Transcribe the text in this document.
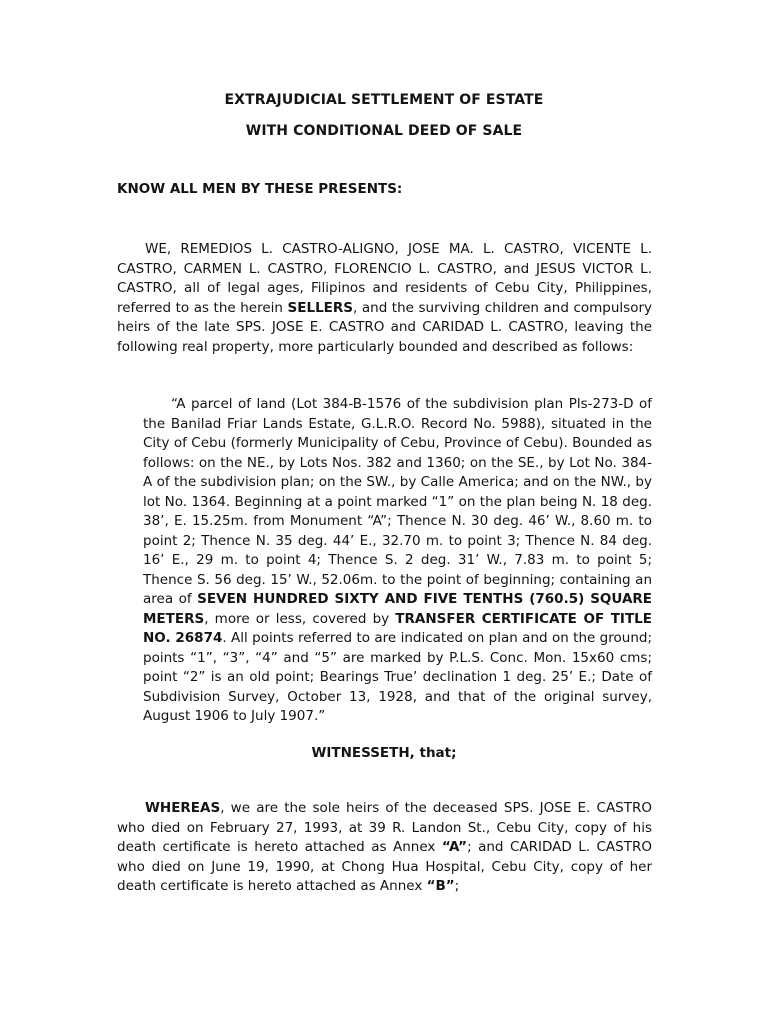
EXTRAJUDICIAL SETTLEMENT OF ESTATE
WITH CONDITIONAL DEED OF SALE
KNOW ALL MEN BY THESE PRESENTS:

WE, REMEDIOS L. CASTRO-ALIGNO, JOSE MA. L. CASTRO, VICENTE L. CASTRO, CARMEN L. CASTRO, FLORENCIO L. CASTRO, and JESUS VICTOR L. CASTRO, all of legal ages, Filipinos and residents of Cebu City, Philippines, referred to as the herein SELLERS, and the surviving children and compulsory heirs of the late SPS. JOSE E. CASTRO and CARIDAD L. CASTRO, leaving the following real property, more particularly bounded and described as follows:

“A parcel of land (Lot 384-B-1576 of the subdivision plan Pls-273-D of the Banilad Friar Lands Estate, G.L.R.O. Record No. 5988), situated in the City of Cebu (formerly Municipality of Cebu, Province of Cebu). Bounded as follows: on the NE., by Lots Nos. 382 and 1360; on the SE., by Lot No. 384-A of the subdivision plan; on the SW., by Calle America; and on the NW., by lot No. 1364. Beginning at a point marked “1” on the plan being N. 18 deg. 38’, E. 15.25m. from Monument “A”; Thence N. 30 deg. 46’ W., 8.60 m. to point 2; Thence N. 35 deg. 44’ E., 32.70 m. to point 3; Thence N. 84 deg. 16’ E., 29 m. to point 4; Thence S. 2 deg. 31’ W., 7.83 m. to point 5; Thence S. 56 deg. 15’ W., 52.06m. to the point of beginning; containing an area of SEVEN HUNDRED SIXTY AND FIVE TENTHS (760.5) SQUARE METERS, more or less, covered by TRANSFER CERTIFICATE OF TITLE NO. 26874. All points referred to are indicated on plan and on the ground; points “1”, “3”, “4” and “5” are marked by P.L.S. Conc. Mon. 15x60 cms; point “2” is an old point; Bearings True’ declination 1 deg. 25’ E.; Date of Subdivision Survey, October 13, 1928, and that of the original survey, August 1906 to July 1907.”

WITNESSETH, that;

WHEREAS, we are the sole heirs of the deceased SPS. JOSE E. CASTRO who died on February 27, 1993, at 39 R. Landon St., Cebu City, copy of his death certificate is hereto attached as Annex “A”; and CARIDAD L. CASTRO who died on June 19, 1990, at Chong Hua Hospital, Cebu City, copy of her death certificate is hereto attached as Annex “B”;
